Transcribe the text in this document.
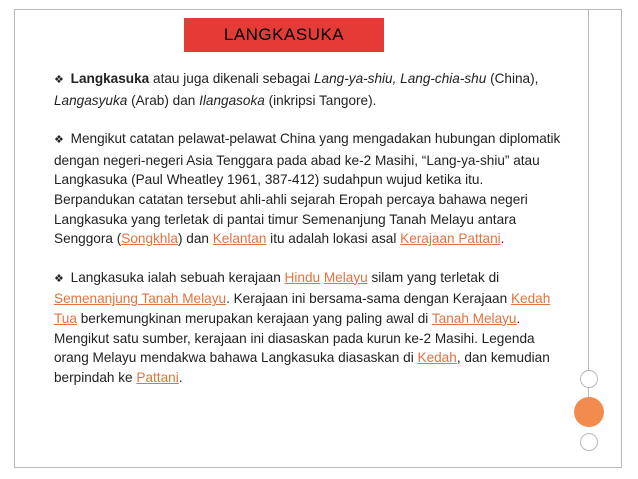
LANGKASUKA

❖ Langkasuka atau juga dikenali sebagai Lang-ya-shiu, Lang-chia-shu (China), Langasyuka (Arab) dan Ilangasoka (inkripsi Tangore).

❖ Mengikut catatan pelawat-pelawat China yang mengadakan hubungan diplomatik dengan negeri-negeri Asia Tenggara pada abad ke-2 Masihi, “Lang-ya-shiu” atau Langkasuka (Paul Wheatley 1961, 387-412) sudahpun wujud ketika itu. Berpandukan catatan tersebut ahli-ahli sejarah Eropah percaya bahawa negeri Langkasuka yang terletak di pantai timur Semenanjung Tanah Melayu antara Senggora (Songkhla) dan Kelantan itu adalah lokasi asal Kerajaan Pattani.

❖ Langkasuka ialah sebuah kerajaan Hindu Melayu silam yang terletak di Semenanjung Tanah Melayu. Kerajaan ini bersama-sama dengan Kerajaan Kedah Tua berkemungkinan merupakan kerajaan yang paling awal di Tanah Melayu. Mengikut satu sumber, kerajaan ini diasaskan pada kurun ke-2 Masihi. Legenda orang Melayu mendakwa bahawa Langkasuka diasaskan di Kedah, dan kemudian berpindah ke Pattani.
